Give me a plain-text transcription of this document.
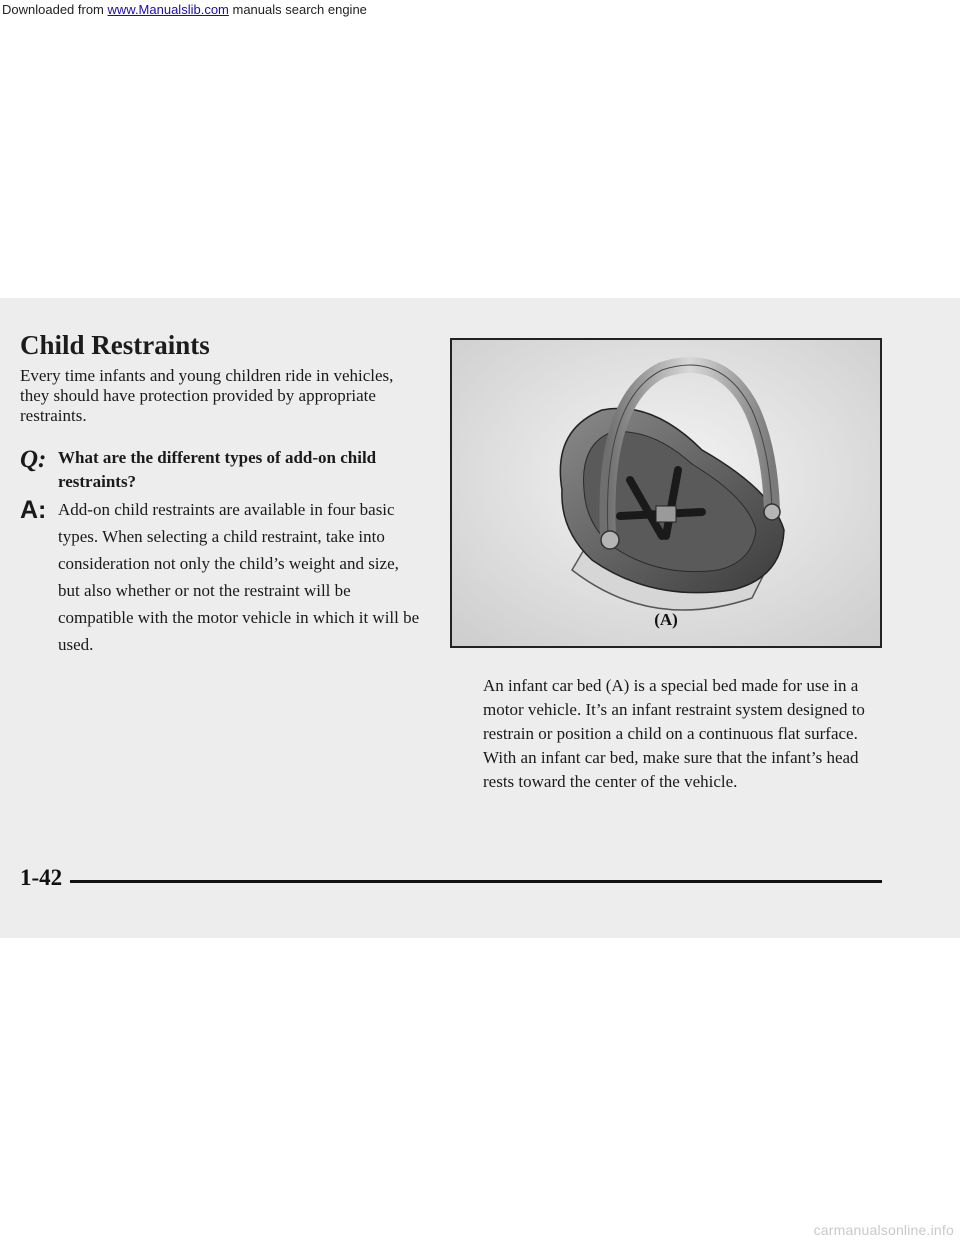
Downloaded from www.Manualslib.com manuals search engine
Child Restraints

Every time infants and young children ride in vehicles, they should have protection provided by appropriate restraints.

Q: What are the different types of add-on child restraints?
A: Add-on child restraints are available in four basic types. When selecting a child restraint, take into consideration not only the child’s weight and size, but also whether or not the restraint will be compatible with the motor vehicle in which it will be used.
(A)

An infant car bed (A) is a special bed made for use in a motor vehicle. It’s an infant restraint system designed to restrain or position a child on a continuous flat surface. With an infant car bed, make sure that the infant’s head rests toward the center of the vehicle.

1-42
carmanualsonline.info
